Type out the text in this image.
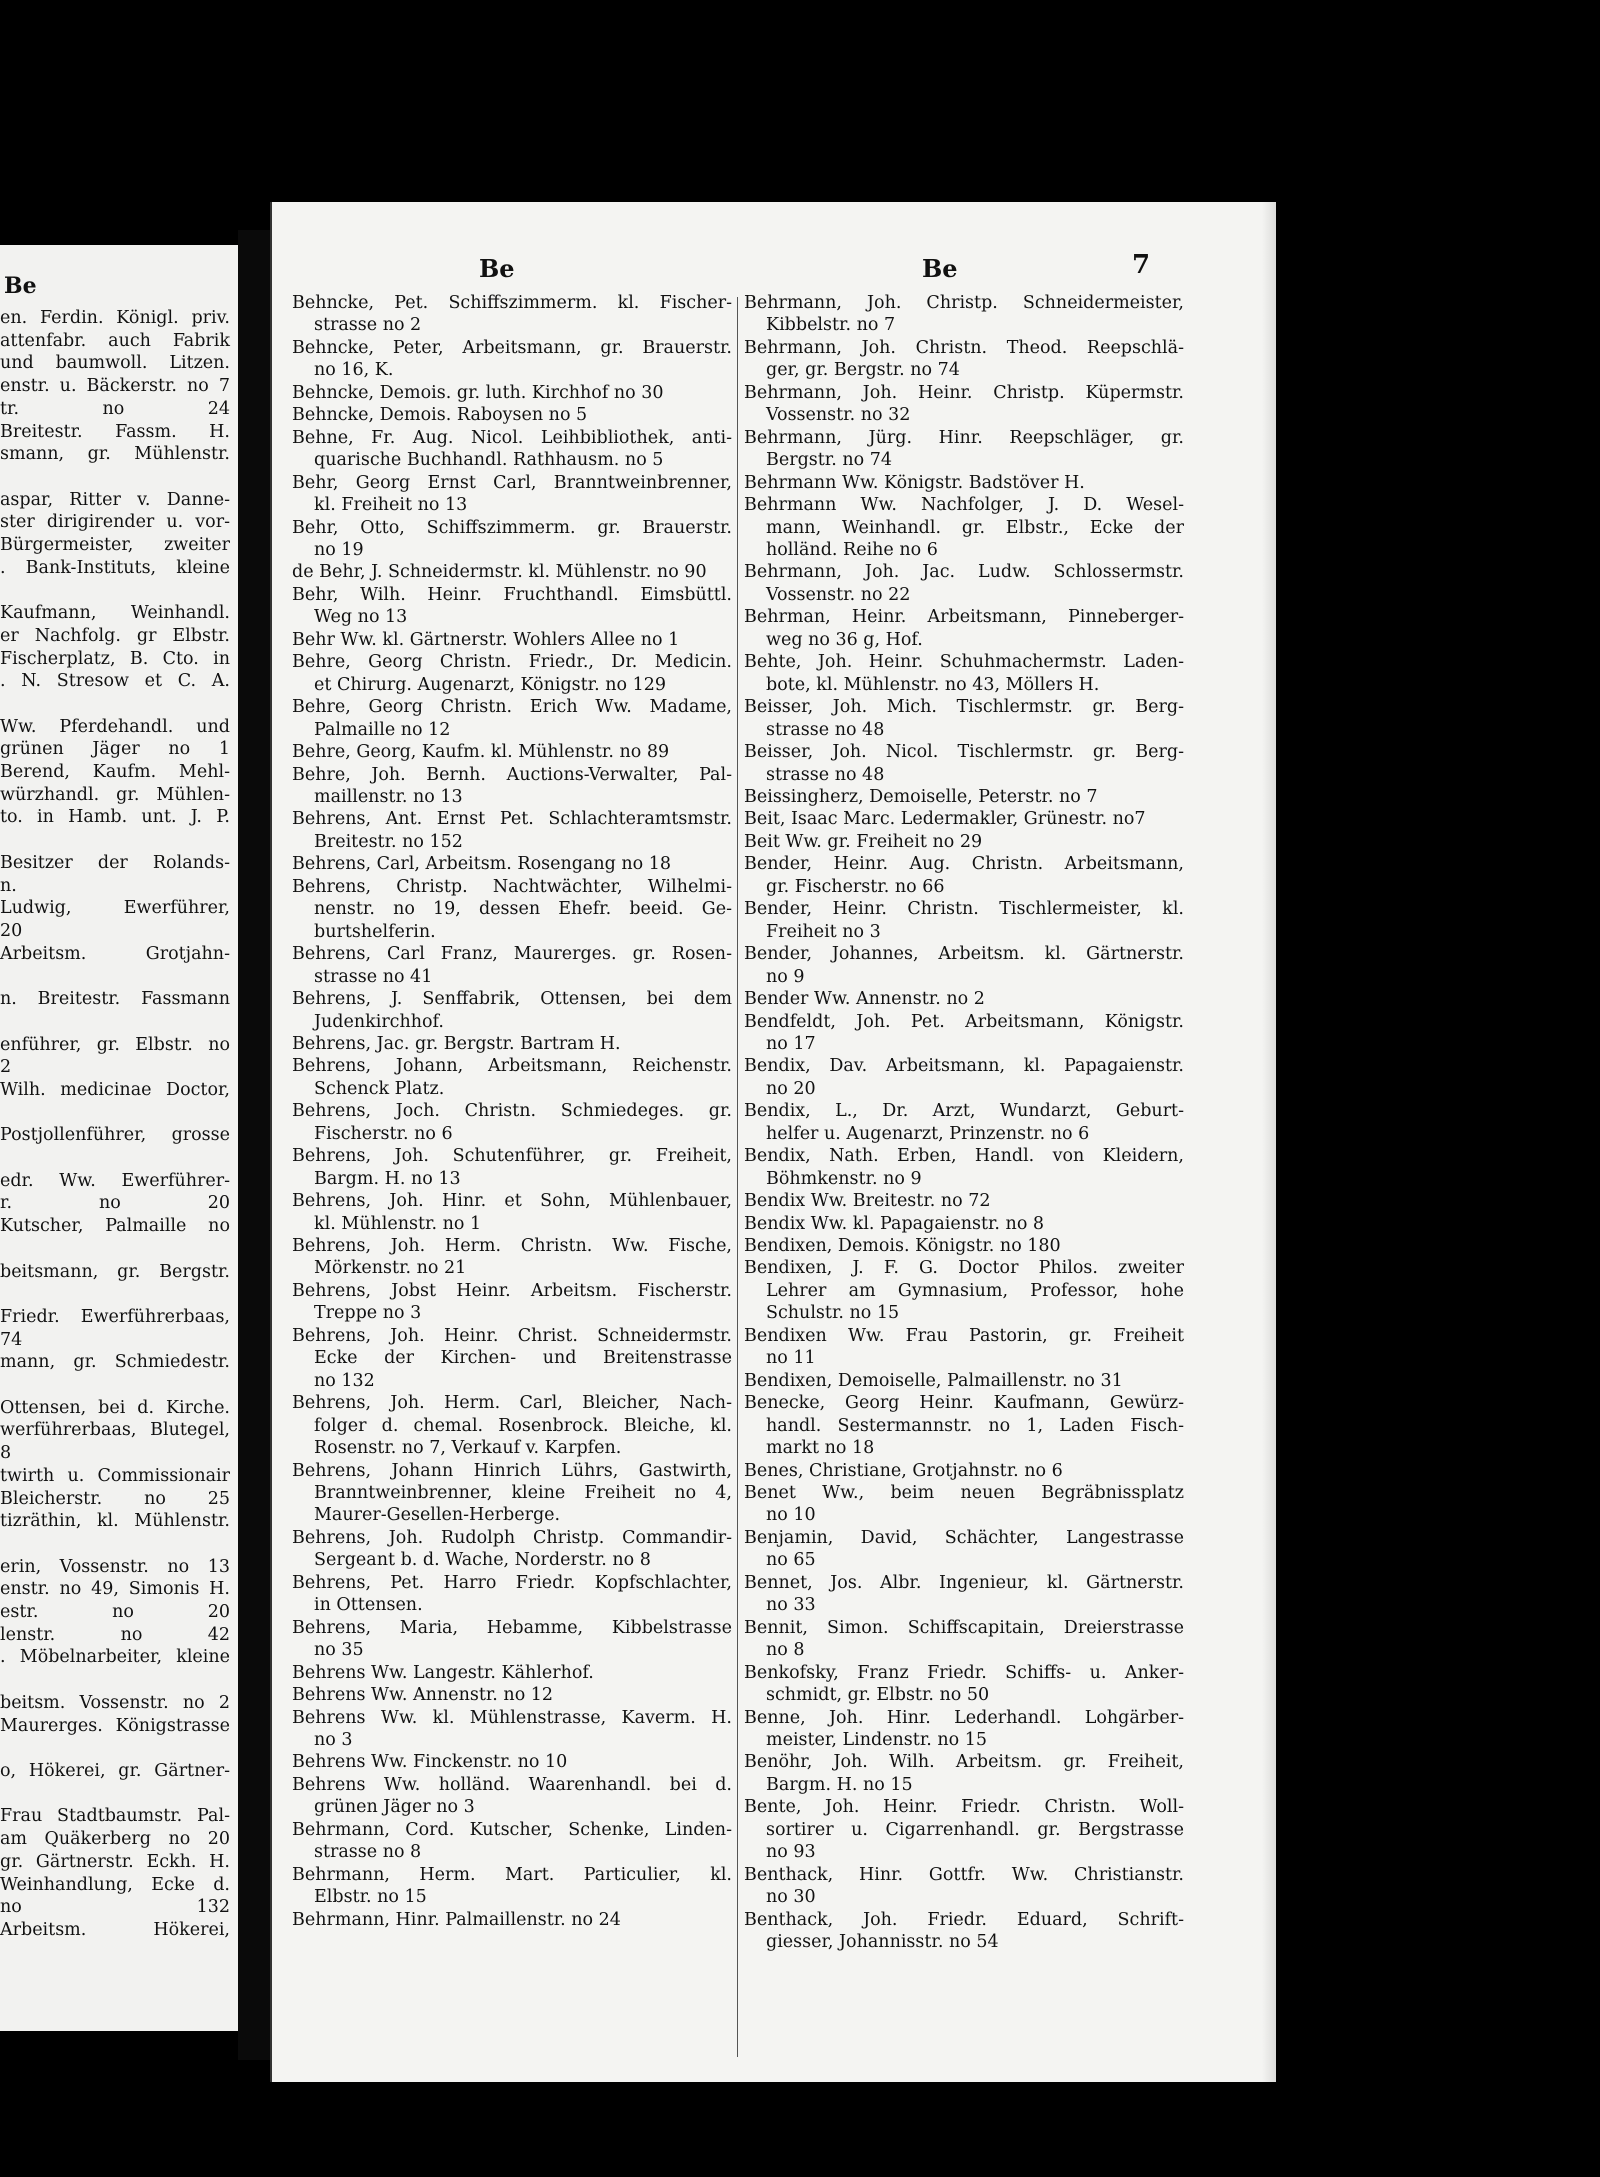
Be
en. Ferdin. Königl. priv.
attenfabr. auch Fabrik
und baumwoll. Litzen.
enstr. u. Bäckerstr. no 7
tr. no 24
Breitestr. Fassm. H.
smann, gr. Mühlenstr.

aspar, Ritter v. Danne-
ster dirigirender u. vor-
Bürgermeister, zweiter
. Bank-Instituts, kleine

Kaufmann, Weinhandl.
er Nachfolg. gr Elbstr.
Fischerplatz, B. Cto. in
. N. Stresow et C. A.

Ww. Pferdehandl. und
grünen Jäger no 1
Berend, Kaufm. Mehl-
würzhandl. gr. Mühlen-
to. in Hamb. unt. J. P.

Besitzer der Rolands-
n.
Ludwig, Ewerführer,
20
Arbeitsm. Grotjahn-

n. Breitestr. Fassmann

enführer, gr. Elbstr. no
2
Wilh. medicinae Doctor,

Postjollenführer, grosse

edr. Ww. Ewerführer-
r. no 20
Kutscher, Palmaille no

beitsmann, gr. Bergstr.

Friedr. Ewerführerbaas,
74
mann, gr. Schmiedestr.

Ottensen, bei d. Kirche.
werführerbaas, Blutegel,
8
twirth u. Commissionair
Bleicherstr. no 25
tizräthin, kl. Mühlenstr.

erin, Vossenstr. no 13
enstr. no 49, Simonis H.
estr. no 20
lenstr. no 42
. Möbelnarbeiter, kleine

beitsm. Vossenstr. no 2
Maurerges. Königstrasse

o, Hökerei, gr. Gärtner-

Frau Stadtbaumstr. Pal-
am Quäkerberg no 20
gr. Gärtnerstr. Eckh. H.
Weinhandlung, Ecke d.
no 132
Arbeitsm. Hökerei,
Be	Be	7
Behncke, Pet. Schiffszimmerm. kl. Fischer-
strasse no 2
Behncke, Peter, Arbeitsmann, gr. Brauerstr.
no 16, K.
Behncke, Demois. gr. luth. Kirchhof no 30
Behncke, Demois. Raboysen no 5
Behne, Fr. Aug. Nicol. Leihbibliothek, anti-
quarische Buchhandl. Rathhausm. no 5
Behr, Georg Ernst Carl, Branntweinbrenner,
kl. Freiheit no 13
Behr, Otto, Schiffszimmerm. gr. Brauerstr.
no 19
de Behr, J. Schneidermstr. kl. Mühlenstr. no 90
Behr, Wilh. Heinr. Fruchthandl. Eimsbüttl.
Weg no 13
Behr Ww. kl. Gärtnerstr. Wohlers Allee no 1
Behre, Georg Christn. Friedr., Dr. Medicin.
et Chirurg. Augenarzt, Königstr. no 129
Behre, Georg Christn. Erich Ww. Madame,
Palmaille no 12
Behre, Georg, Kaufm. kl. Mühlenstr. no 89
Behre, Joh. Bernh. Auctions-Verwalter, Pal-
maillenstr. no 13
Behrens, Ant. Ernst Pet. Schlachteramtsmstr.
Breitestr. no 152
Behrens, Carl, Arbeitsm. Rosengang no 18
Behrens, Christp. Nachtwächter, Wilhelmi-
nenstr. no 19, dessen Ehefr. beeid. Ge-
burtshelferin.
Behrens, Carl Franz, Maurerges. gr. Rosen-
strasse no 41
Behrens, J. Senffabrik, Ottensen, bei dem
Judenkirchhof.
Behrens, Jac. gr. Bergstr. Bartram H.
Behrens, Johann, Arbeitsmann, Reichenstr.
Schenck Platz.
Behrens, Joch. Christn. Schmiedeges. gr.
Fischerstr. no 6
Behrens, Joh. Schutenführer, gr. Freiheit,
Bargm. H. no 13
Behrens, Joh. Hinr. et Sohn, Mühlenbauer,
kl. Mühlenstr. no 1
Behrens, Joh. Herm. Christn. Ww. Fische,
Mörkenstr. no 21
Behrens, Jobst Heinr. Arbeitsm. Fischerstr.
Treppe no 3
Behrens, Joh. Heinr. Christ. Schneidermstr.
Ecke der Kirchen- und Breitenstrasse
no 132
Behrens, Joh. Herm. Carl, Bleicher, Nach-
folger d. chemal. Rosenbrock. Bleiche, kl.
Rosenstr. no 7, Verkauf v. Karpfen.
Behrens, Johann Hinrich Lührs, Gastwirth,
Branntweinbrenner, kleine Freiheit no 4,
Maurer-Gesellen-Herberge.
Behrens, Joh. Rudolph Christp. Commandir-
Sergeant b. d. Wache, Norderstr. no 8
Behrens, Pet. Harro Friedr. Kopfschlachter,
in Ottensen.
Behrens, Maria, Hebamme, Kibbelstrasse
no 35
Behrens Ww. Langestr. Kählerhof.
Behrens Ww. Annenstr. no 12
Behrens Ww. kl. Mühlenstrasse, Kaverm. H.
no 3
Behrens Ww. Finckenstr. no 10
Behrens Ww. holländ. Waarenhandl. bei d.
grünen Jäger no 3
Behrmann, Cord. Kutscher, Schenke, Linden-
strasse no 8
Behrmann, Herm. Mart. Particulier, kl.
Elbstr. no 15
Behrmann, Hinr. Palmaillenstr. no 24
Behrmann, Joh. Christp. Schneidermeister,
Kibbelstr. no 7
Behrmann, Joh. Christn. Theod. Reepschlä-
ger, gr. Bergstr. no 74
Behrmann, Joh. Heinr. Christp. Küpermstr.
Vossenstr. no 32
Behrmann, Jürg. Hinr. Reepschläger, gr.
Bergstr. no 74
Behrmann Ww. Königstr. Badstöver H.
Behrmann Ww. Nachfolger, J. D. Wesel-
mann, Weinhandl. gr. Elbstr., Ecke der
holländ. Reihe no 6
Behrmann, Joh. Jac. Ludw. Schlossermstr.
Vossenstr. no 22
Behrman, Heinr. Arbeitsmann, Pinneberger-
weg no 36 g, Hof.
Behte, Joh. Heinr. Schuhmachermstr. Laden-
bote, kl. Mühlenstr. no 43, Möllers H.
Beisser, Joh. Mich. Tischlermstr. gr. Berg-
strasse no 48
Beisser, Joh. Nicol. Tischlermstr. gr. Berg-
strasse no 48
Beissingherz, Demoiselle, Peterstr. no 7
Beit, Isaac Marc. Ledermakler, Grünestr. no7
Beit Ww. gr. Freiheit no 29
Bender, Heinr. Aug. Christn. Arbeitsmann,
gr. Fischerstr. no 66
Bender, Heinr. Christn. Tischlermeister, kl.
Freiheit no 3
Bender, Johannes, Arbeitsm. kl. Gärtnerstr.
no 9
Bender Ww. Annenstr. no 2
Bendfeldt, Joh. Pet. Arbeitsmann, Königstr.
no 17
Bendix, Dav. Arbeitsmann, kl. Papagaienstr.
no 20
Bendix, L., Dr. Arzt, Wundarzt, Geburt-
helfer u. Augenarzt, Prinzenstr. no 6
Bendix, Nath. Erben, Handl. von Kleidern,
Böhmkenstr. no 9
Bendix Ww. Breitestr. no 72
Bendix Ww. kl. Papagaienstr. no 8
Bendixen, Demois. Königstr. no 180
Bendixen, J. F. G. Doctor Philos. zweiter
Lehrer am Gymnasium, Professor, hohe
Schulstr. no 15
Bendixen Ww. Frau Pastorin, gr. Freiheit
no 11
Bendixen, Demoiselle, Palmaillenstr. no 31
Benecke, Georg Heinr. Kaufmann, Gewürz-
handl. Sestermannstr. no 1, Laden Fisch-
markt no 18
Benes, Christiane, Grotjahnstr. no 6
Benet Ww., beim neuen Begräbnissplatz
no 10
Benjamin, David, Schächter, Langestrasse
no 65
Bennet, Jos. Albr. Ingenieur, kl. Gärtnerstr.
no 33
Bennit, Simon. Schiffscapitain, Dreierstrasse
no 8
Benkofsky, Franz Friedr. Schiffs- u. Anker-
schmidt, gr. Elbstr. no 50
Benne, Joh. Hinr. Lederhandl. Lohgärber-
meister, Lindenstr. no 15
Benöhr, Joh. Wilh. Arbeitsm. gr. Freiheit,
Bargm. H. no 15
Bente, Joh. Heinr. Friedr. Christn. Woll-
sortirer u. Cigarrenhandl. gr. Bergstrasse
no 93
Benthack, Hinr. Gottfr. Ww. Christianstr.
no 30
Benthack, Joh. Friedr. Eduard, Schrift-
giesser, Johannisstr. no 54
